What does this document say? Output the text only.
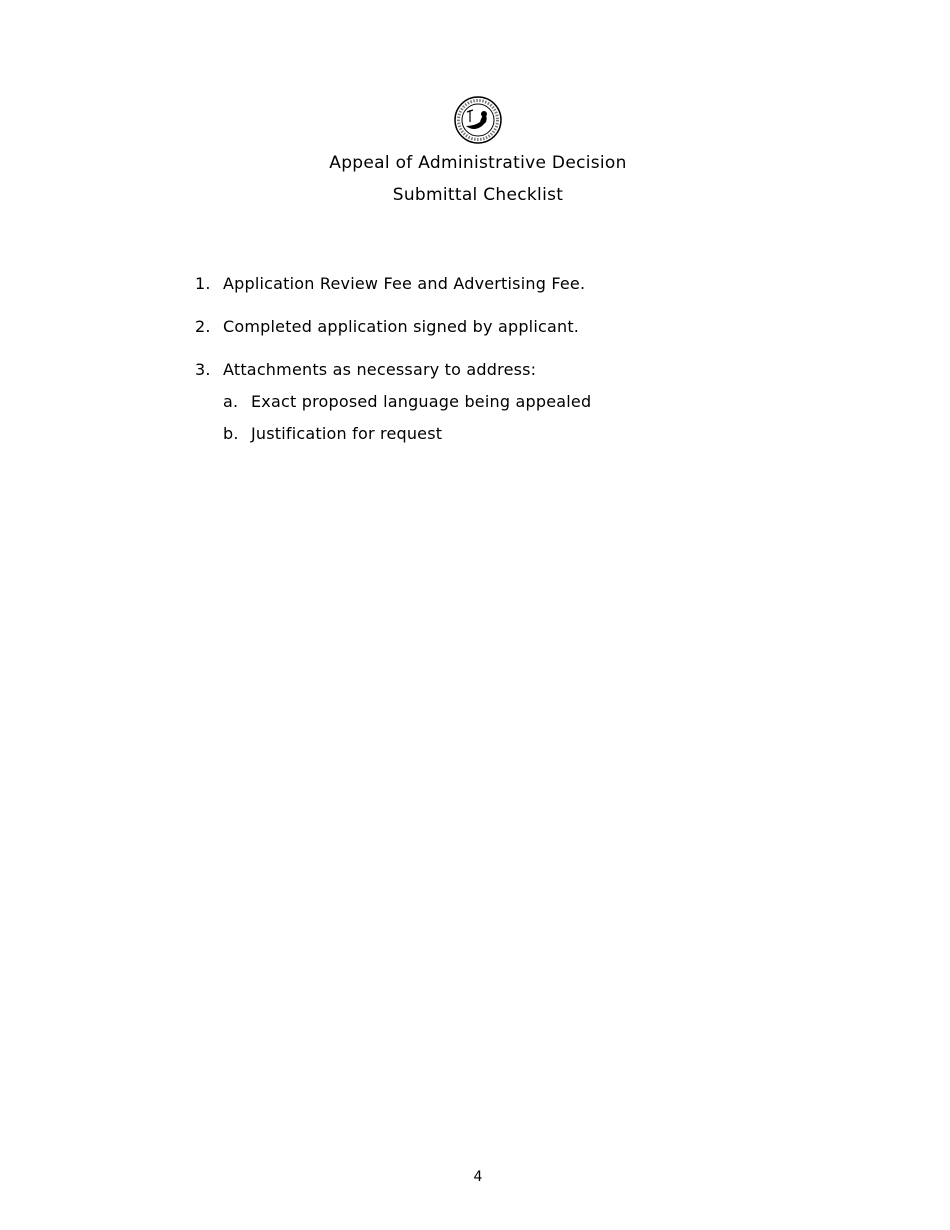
Appeal of Administrative Decision
Submittal Checklist
1. Application Review Fee and Advertising Fee.
2. Completed application signed by applicant.
3. Attachments as necessary to address:
a. Exact proposed language being appealed
b. Justification for request
4
